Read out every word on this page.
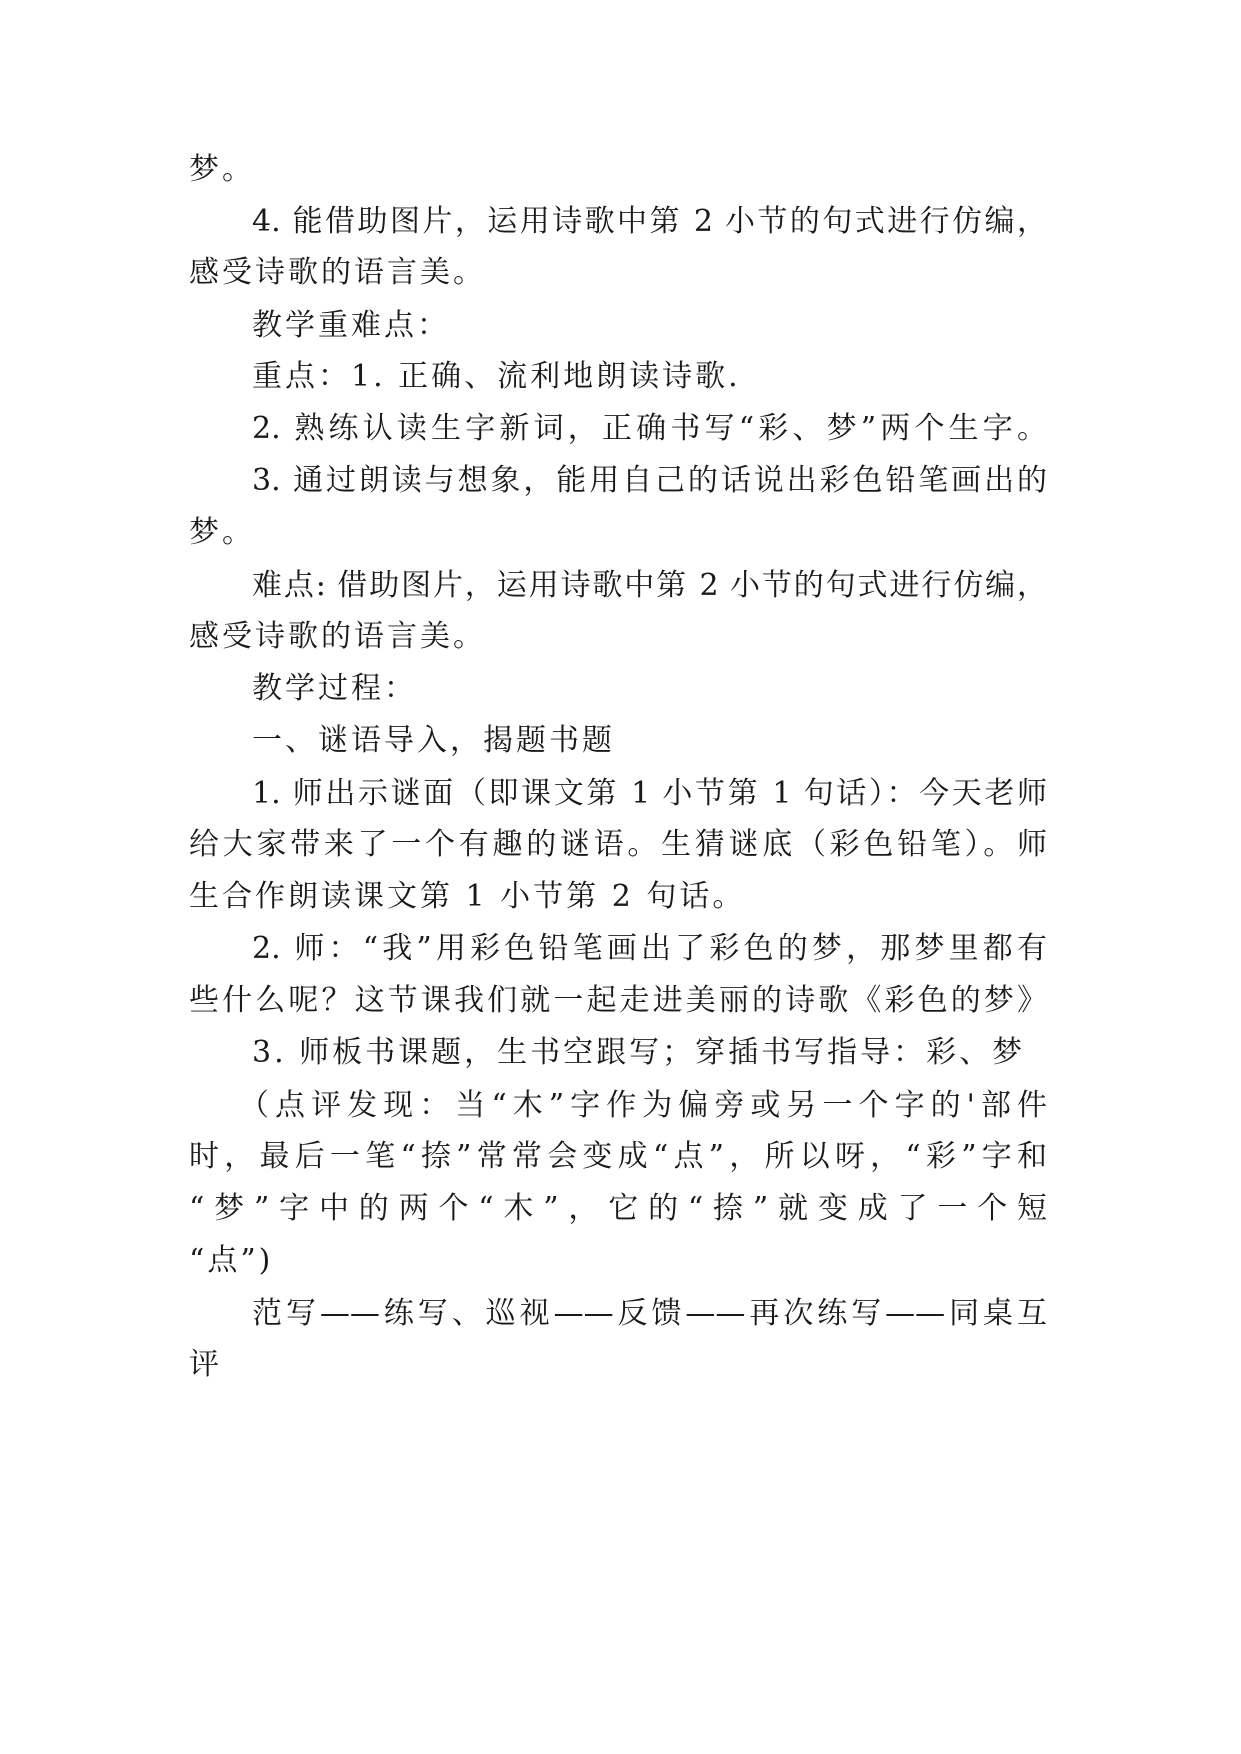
梦。
4. 能借助图片，运用诗歌中第 2 小节的句式进行仿编，
感受诗歌的语言美。
教学重难点：
重点：1. 正确、流利地朗读诗歌.
2. 熟练认读生字新词，正确书写“彩、梦”两个生字。
3. 通过朗读与想象，能用自己的话说出彩色铅笔画出的
梦。
难点: 借助图片，运用诗歌中第 2 小节的句式进行仿编，
感受诗歌的语言美。
教学过程：
一、谜语导入，揭题书题
1. 师出示谜面（即课文第 1 小节第 1 句话）：今天老师
给大家带来了一个有趣的谜语。生猜谜底（彩色铅笔）。师
生合作朗读课文第 1 小节第 2 句话。
2. 师：“我”用彩色铅笔画出了彩色的梦，那梦里都有
些什么呢？这节课我们就一起走进美丽的诗歌《彩色的梦》
3. 师板书课题，生书空跟写；穿插书写指导：彩、梦
（点评发现：当“木”字作为偏旁或另一个字的'部件
时，最后一笔“捺”常常会变成“点”，所以呀，“彩”字和
“梦”字中的两个“木”，它的“捺”就变成了一个短
“点”)
范写——练写、巡视——反馈——再次练写——同桌互
评
